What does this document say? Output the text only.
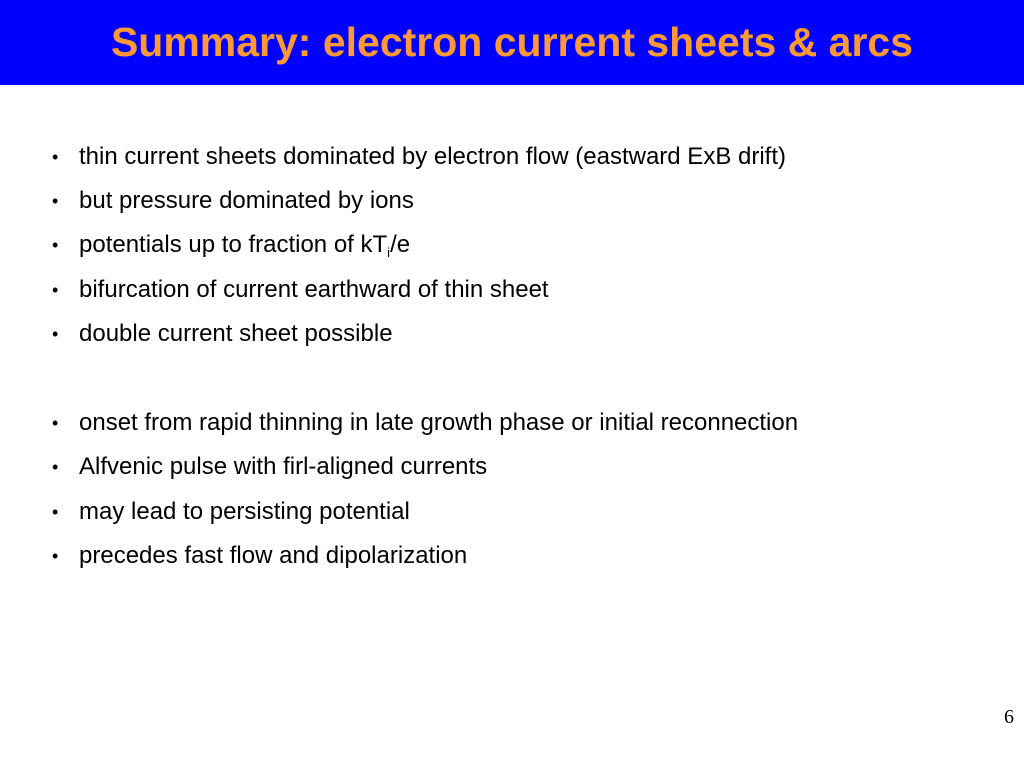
Summary: electron current sheets & arcs
• thin current sheets dominated by electron flow (eastward ExB drift)
• but pressure dominated by ions
• potentials up to fraction of $kT_i/e$
• bifurcation of current earthward of thin sheet
• double current sheet possible
• onset from rapid thinning in late growth phase or initial reconnection
• Alfvenic pulse with firl-aligned currents
• may lead to persisting potential
• precedes fast flow and dipolarization
6
